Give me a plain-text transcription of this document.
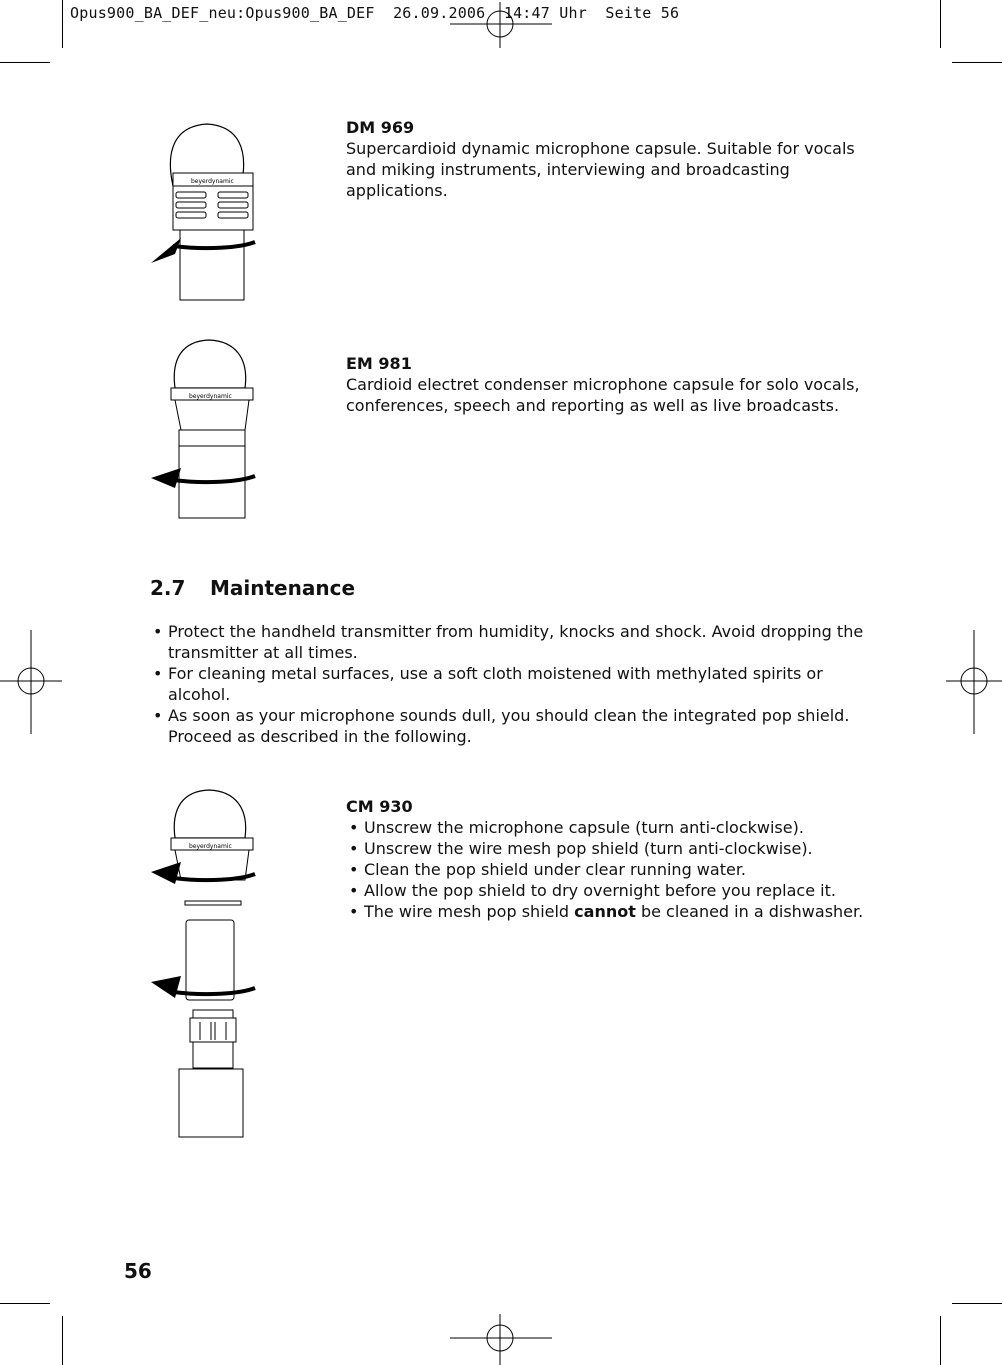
Opus900_BA_DEF_neu:Opus900_BA_DEF  26.09.2006  14:47 Uhr  Seite 56
beyerdynamic
beyerdynamic
beyerdynamic
DM 969
Supercardioid dynamic microphone capsule. Suitable for vocals and miking instruments, interviewing and broadcasting applications.
EM 981
Cardioid electret condenser microphone capsule for solo vocals, conferences, speech and reporting as well as live broadcasts.
2.7 Maintenance
• Protect the handheld transmitter from humidity, knocks and shock. Avoid dropping the transmitter at all times.
• For cleaning metal surfaces, use a soft cloth moistened with methylated spirits or alcohol.
• As soon as your microphone sounds dull, you should clean the integrated pop shield. Proceed as described in the following.
CM 930
• Unscrew the microphone capsule (turn anti-clockwise).
• Unscrew the wire mesh pop shield (turn anti-clockwise).
• Clean the pop shield under clear running water.
• Allow the pop shield to dry overnight before you replace it.
• The wire mesh pop shield cannot be cleaned in a dishwasher.
56
